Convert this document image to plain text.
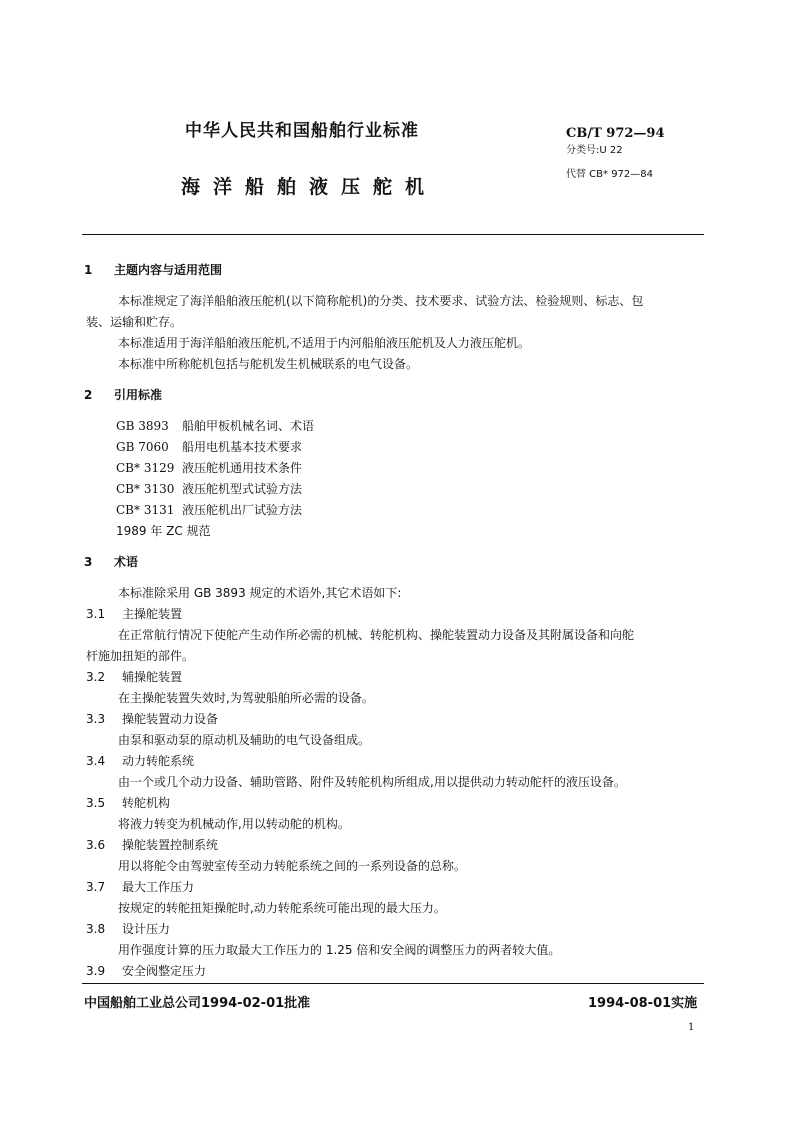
中华人民共和国船舶行业标准
海洋船舶液压舵机
CB/T 972—94
分类号:U 22
代替 CB* 972—84
1 主题内容与适用范围
本标准规定了海洋船舶液压舵机(以下简称舵机)的分类、技术要求、试验方法、检验规则、标志、包
装、运输和贮存。
本标准适用于海洋船舶液压舵机,不适用于内河船舶液压舵机及人力液压舵机。
本标准中所称舵机包括与舵机发生机械联系的电气设备。
2 引用标准
GB 3893 船舶甲板机械名词、术语
GB 7060 船用电机基本技术要求
CB* 3129 液压舵机通用技术条件
CB* 3130 液压舵机型式试验方法
CB* 3131 液压舵机出厂试验方法
1989 年 ZC 规范
3 术语
本标准除采用 GB 3893 规定的术语外,其它术语如下:
3.1 主操舵装置
在正常航行情况下使舵产生动作所必需的机械、转舵机构、操舵装置动力设备及其附属设备和向舵
杆施加扭矩的部件。
3.2 辅操舵装置
在主操舵装置失效时,为驾驶船舶所必需的设备。
3.3 操舵装置动力设备
由泵和驱动泵的原动机及辅助的电气设备组成。
3.4 动力转舵系统
由一个或几个动力设备、辅助管路、附件及转舵机构所组成,用以提供动力转动舵杆的液压设备。
3.5 转舵机构
将液力转变为机械动作,用以转动舵的机构。
3.6 操舵装置控制系统
用以将舵令由驾驶室传至动力转舵系统之间的一系列设备的总称。
3.7 最大工作压力
按规定的转舵扭矩操舵时,动力转舵系统可能出现的最大压力。
3.8 设计压力
用作强度计算的压力取最大工作压力的 1.25 倍和安全阀的调整压力的两者较大值。
3.9 安全阀整定压力
中国船舶工业总公司1994-02-01批准	1994-08-01实施
1
